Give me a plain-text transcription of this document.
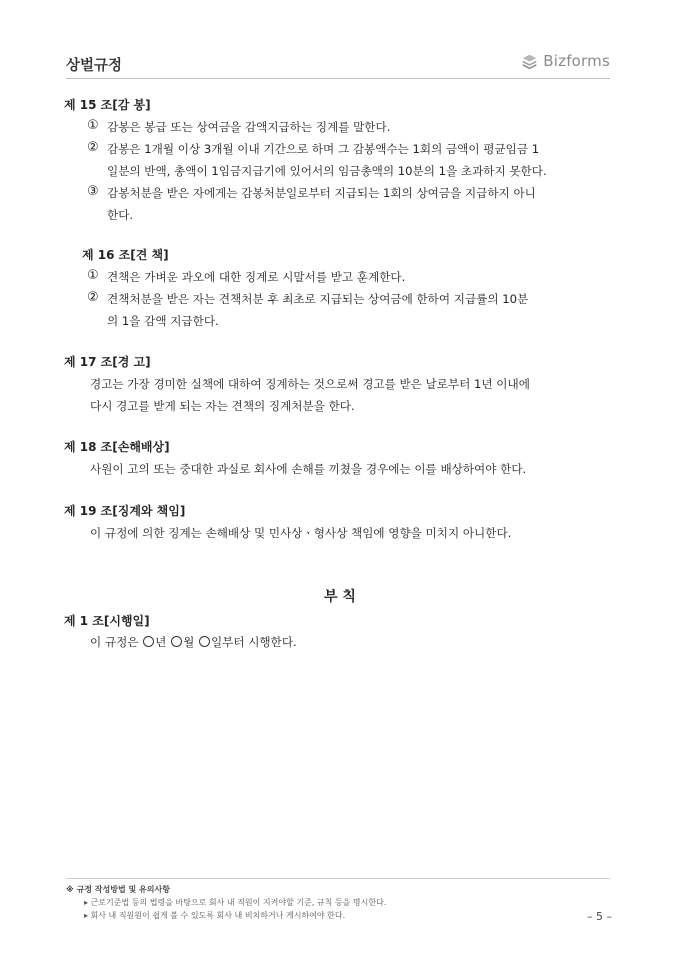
상벌규정	Bizforms
제 15 조[감 봉]
① 감봉은 봉급 또는 상여금을 감액지급하는 징계를 말한다.
② 감봉은 1개월 이상 3개월 이내 기간으로 하며 그 감봉액수는 1회의 금액이 평균임금 1
일분의 반액, 총액이 1임금지급기에 있어서의 임금총액의 10분의 1을 초과하지 못한다.
③ 감봉처분을 받은 자에게는 감봉처분일로부터 지급되는 1회의 상여금을 지급하지 아니
한다.
제 16 조[견 책]
① 견책은 가벼운 과오에 대한 징계로 시말서를 받고 훈계한다.
② 견책처분을 받은 자는 견책처분 후 최초로 지급되는 상여금에 한하여 지급률의 10분
의 1을 감액 지급한다.
제 17 조[경 고]
경고는 가장 경미한 실책에 대하여 징계하는 것으로써 경고를 받은 날로부터 1년 이내에
다시 경고를 받게 되는 자는 견책의 징계처분을 한다.
제 18 조[손해배상]
사원이 고의 또는 중대한 과실로 회사에 손해를 끼쳤을 경우에는 이를 배상하여야 한다.
제 19 조[징계와 책임]
이 규정에 의한 징계는 손해배상 및 민사상ㆍ형사상 책임에 영향을 미치지 아니한다.
부 칙
제 1 조[시행일]
이 규정은 년 월 일부터 시행한다.
※ 규정 작성방법 및 유의사항
▸ 근로기준법 등의 법령을 바탕으로 회사 내 직원이 지켜야할 기준, 규칙 등을 명시한다.
▸ 회사 내 직원원이 쉽게 볼 수 있도록 회사 내 비치하거나 게시하여야 한다.	– 5 –
